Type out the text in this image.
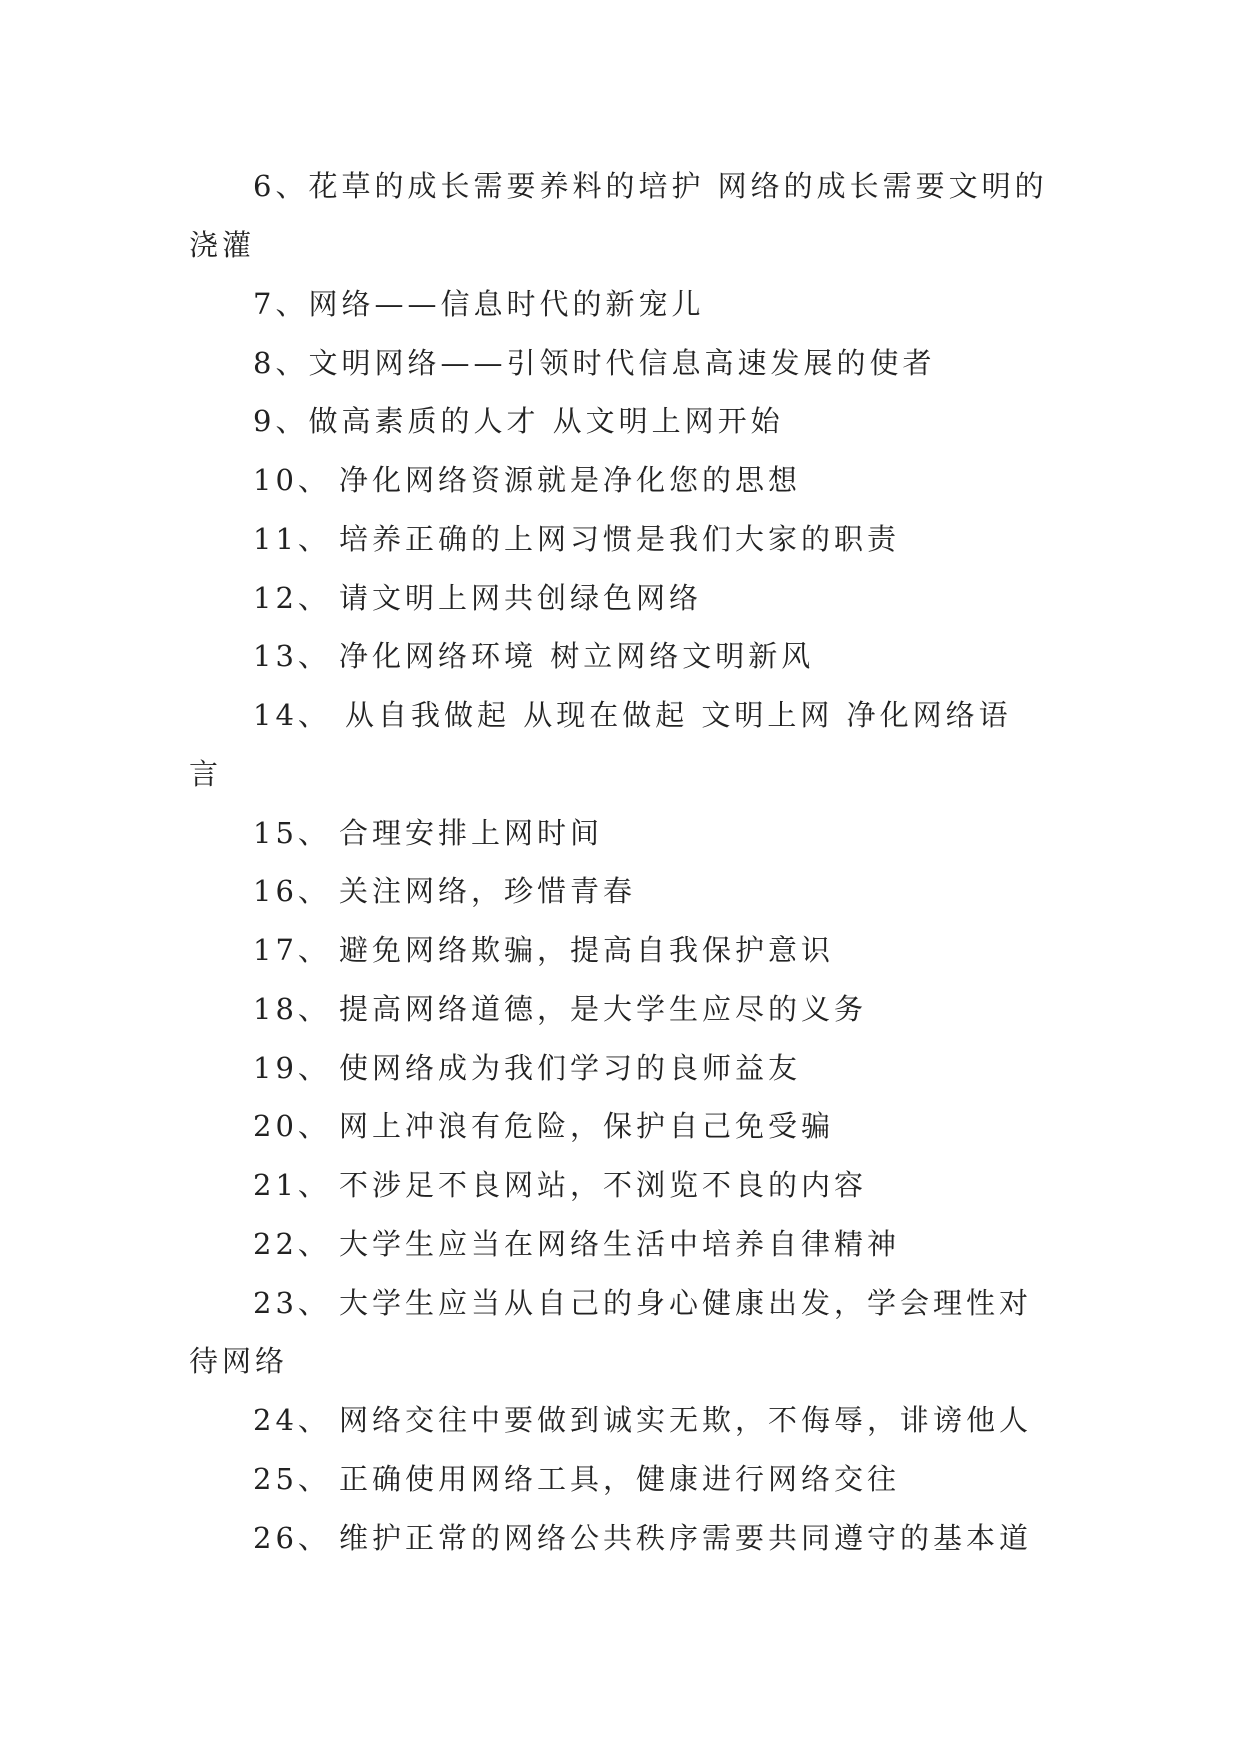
6、花草的成长需要养料的培护 网络的成长需要文明的
浇灌
7、网络——信息时代的新宠儿
8、文明网络——引领时代信息高速发展的使者
9、做高素质的人才 从文明上网开始
10、 净化网络资源就是净化您的思想
11、 培养正确的上网习惯是我们大家的职责
12、 请文明上网共创绿色网络
13、 净化网络环境 树立网络文明新风
14、 从自我做起 从现在做起 文明上网 净化网络语
言
15、 合理安排上网时间
16、 关注网络，珍惜青春
17、 避免网络欺骗，提高自我保护意识
18、 提高网络道德，是大学生应尽的义务
19、 使网络成为我们学习的良师益友
20、 网上冲浪有危险，保护自己免受骗
21、 不涉足不良网站，不浏览不良的内容
22、 大学生应当在网络生活中培养自律精神
23、 大学生应当从自己的身心健康出发，学会理性对
待网络
24、 网络交往中要做到诚实无欺，不侮辱，诽谤他人
25、 正确使用网络工具，健康进行网络交往
26、 维护正常的网络公共秩序需要共同遵守的基本道
